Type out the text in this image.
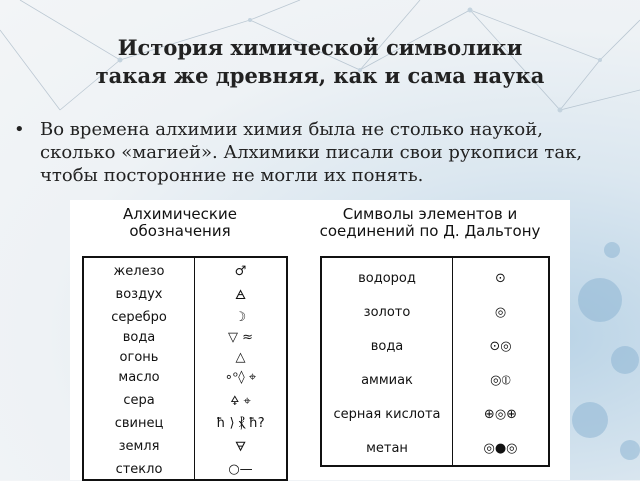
История химической символики
такая же древняя, как и сама наука
• Во времена алхимии химия была не столько наукой, сколько «магией». Алхимики писали свои рукописи так, чтобы посторонние не могли их понять.
Алхимические
обозначения
Символы элементов и
соединений по Д. Дальтону
железо	♂
воздух	🜁
серебро	☽
вода	▽ ≈
огонь	△
масло	∘ᵒ◊ ⌖
сера	🜍 ⌖
свинец	ħ ⟩ ⳩ ħ?
земля	🜃
стекло	○—
водород	⊙
золото	◎
вода	⊙◎
аммиак	◎⦶
серная кислота	⊕◎⊕
метан	◎●◎
